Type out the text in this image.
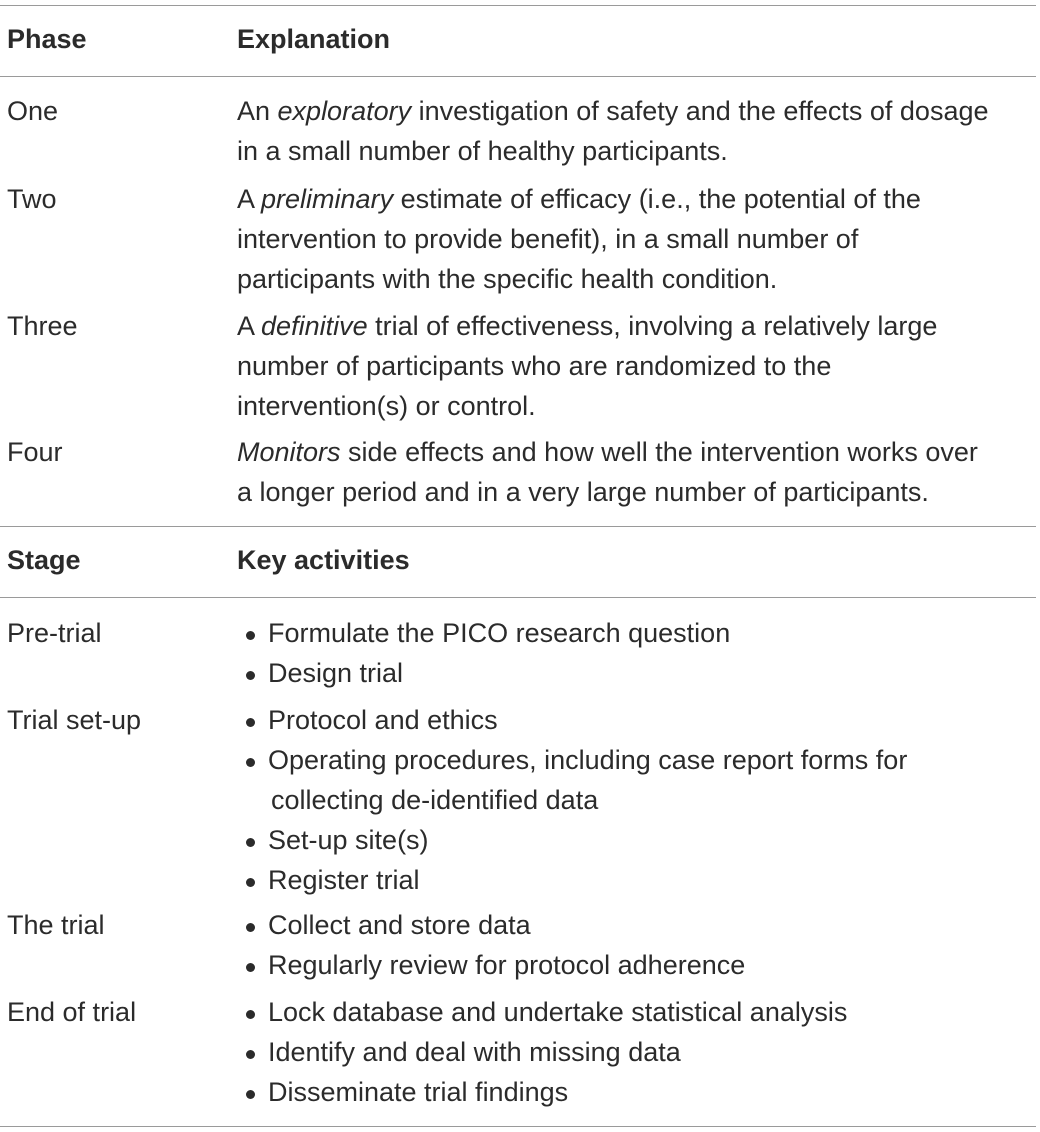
Phase	Explanation
One	An exploratory investigation of safety and the effects of dosage
in a small number of healthy participants.
Two	A preliminary estimate of efficacy (i.e., the potential of the
intervention to provide benefit), in a small number of
participants with the specific health condition.
Three	A definitive trial of effectiveness, involving a relatively large
number of participants who are randomized to the
intervention(s) or control.
Four	Monitors side effects and how well the intervention works over
a longer period and in a very large number of participants.
Stage	Key activities
Pre-trial	Formulate the PICO research question
Design trial
Trial set-up	Protocol and ethics
Operating procedures, including case report forms for
collecting de-identified data
Set-up site(s)
Register trial
The trial	Collect and store data
Regularly review for protocol adherence
End of trial	Lock database and undertake statistical analysis
Identify and deal with missing data
Disseminate trial findings
